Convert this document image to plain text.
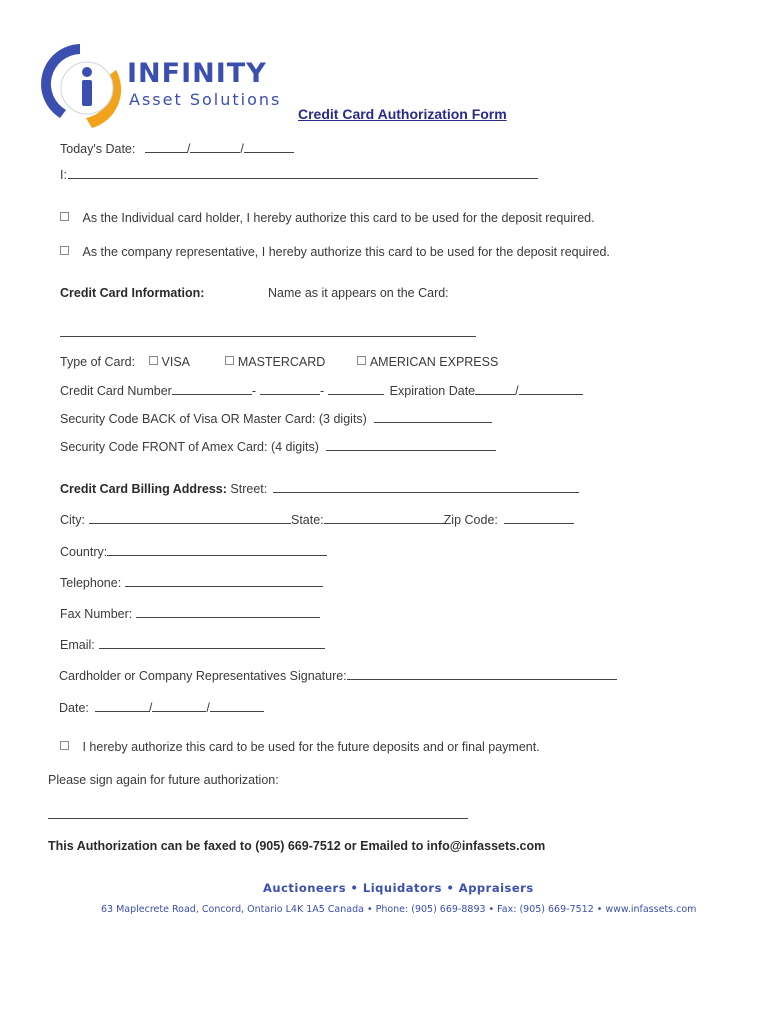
INFINITY
Asset Solutions
Credit Card Authorization Form
Today's Date:	/	/
I:
As the Individual card holder, I hereby authorize this card to be used for the deposit required.
As the company representative, I hereby authorize this card to be used for the deposit required.
Credit Card Information:	Name as it appears on the Card:
Type of Card: VISA	MASTERCARD	AMERICAN EXPRESS
Credit Card Number	-	-	Expiration Date	/
Security Code BACK of Visa OR Master Card: (3 digits)
Security Code FRONT of Amex Card: (4 digits)
Credit Card Billing Address: Street:
City:	State:	Zip Code:
Country:
Telephone:
Fax Number:
Email:
Cardholder or Company Representatives Signature:
Date:	/	/
I hereby authorize this card to be used for the future deposits and or final payment.
Please sign again for future authorization:
This Authorization can be faxed to (905) 669-7512 or Emailed to info@infassets.com
Auctioneers • Liquidators • Appraisers
63 Maplecrete Road, Concord, Ontario L4K 1A5 Canada • Phone: (905) 669-8893 • Fax: (905) 669-7512 • www.infassets.com
